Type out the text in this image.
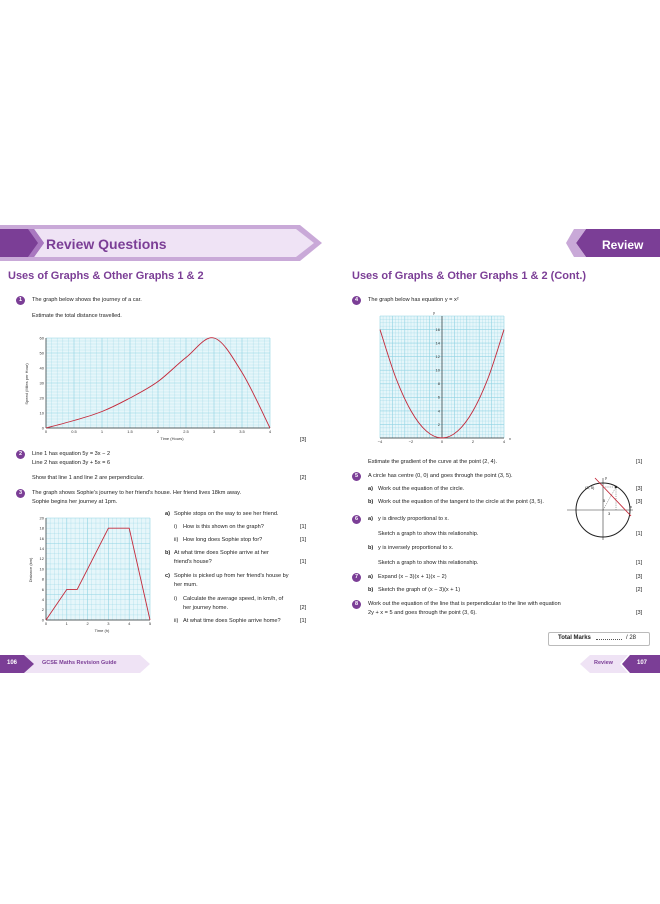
Review Questions	Review
Uses of Graphs & Other Graphs 1 & 2	Uses of Graphs & Other Graphs 1 & 2 (Cont.)
1	The graph below shows the journey of a car.
Estimate the total distance travelled.
0	0.5	1	1.5	2	2.5	3	3.5	4
0
10
20
30
40
50
60
Time (Hours)
Speed (Miles per Hour)
[3]
2	Line 1 has equation 5y = 3x − 2
Line 2 has equation 3y + 5x = 6
Show that line 1 and line 2 are perpendicular.	[2]
3	The graph shows Sophie's journey to her friend's house. Her friend lives 18km away.
Sophie begins her journey at 1pm.
0	1	2	3	4	5
0
2
4
6
8
10
12
14
16
18
20
Time (h)
Distance (km)
a) Sophie stops on the way to see her friend.
i) How is this shown on the graph?	[1]
ii) How long does Sophie stop for?	[1]
b) At what time does Sophie arrive at her
friend's house?	[1]
c) Sophie is picked up from her friend's house by
her mum.
i) Calculate the average speed, in km/h, of
her journey home.	[2]
ii) At what time does Sophie arrive home?	[1]
106	GCSE Maths Revision Guide
4	The graph below has equation y = x²
−4	−2	0	2	4
2
4
6
8
10
12
14
16
x
y
Estimate the gradient of the curve at the point (2, 4).	[1]
5	A circle has centre (0, 0) and goes through the point (3, 5).
a) Work out the equation of the circle.	[3]
b) Work out the equation of the tangent to the circle at the point (3, 5).	[3]
(3, 5)
x
y
3
5
6	a) y is directly proportional to x.
Sketch a graph to show this relationship.	[1]
b) y is inversely proportional to x.
Sketch a graph to show this relationship.	[1]
7	a) Expand (x − 3)(x + 1)(x − 2)	[3]
b) Sketch the graph of (x − 3)(x + 1)	[2]
8	Work out the equation of the line that is perpendicular to the line with equation
2y + x = 5 and goes through the point (3, 6).	[3]
Total Marks	/ 28
Review	107
